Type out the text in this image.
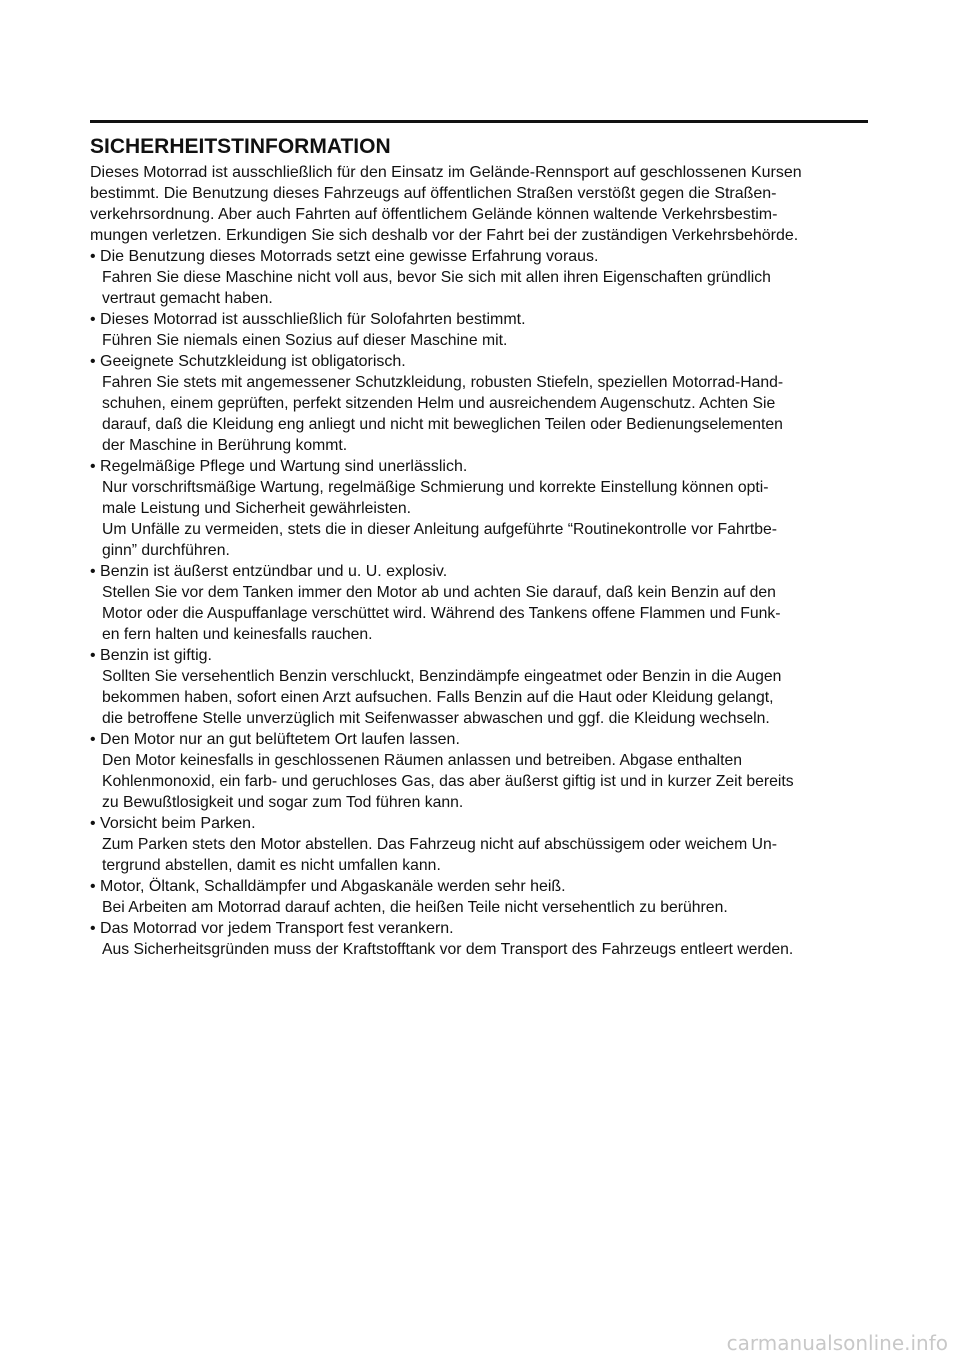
SICHERHEITSTINFORMATION
Dieses Motorrad ist ausschließlich für den Einsatz im Gelände-Rennsport auf geschlossenen Kursen
bestimmt. Die Benutzung dieses Fahrzeugs auf öffentlichen Straßen verstößt gegen die Straßen-
verkehrsordnung. Aber auch Fahrten auf öffentlichem Gelände können waltende Verkehrsbestim-
mungen verletzen. Erkundigen Sie sich deshalb vor der Fahrt bei der zuständigen Verkehrsbehörde.
• Die Benutzung dieses Motorrads setzt eine gewisse Erfahrung voraus.
Fahren Sie diese Maschine nicht voll aus, bevor Sie sich mit allen ihren Eigenschaften gründlich
vertraut gemacht haben.
• Dieses Motorrad ist ausschließlich für Solofahrten bestimmt.
Führen Sie niemals einen Sozius auf dieser Maschine mit.
• Geeignete Schutzkleidung ist obligatorisch.
Fahren Sie stets mit angemessener Schutzkleidung, robusten Stiefeln, speziellen Motorrad-Hand-
schuhen, einem geprüften, perfekt sitzenden Helm und ausreichendem Augenschutz. Achten Sie
darauf, daß die Kleidung eng anliegt und nicht mit beweglichen Teilen oder Bedienungselementen
der Maschine in Berührung kommt.
• Regelmäßige Pflege und Wartung sind unerlässlich.
Nur vorschriftsmäßige Wartung, regelmäßige Schmierung und korrekte Einstellung können opti-
male Leistung und Sicherheit gewährleisten.
Um Unfälle zu vermeiden, stets die in dieser Anleitung aufgeführte “Routinekontrolle vor Fahrtbe-
ginn” durchführen.
• Benzin ist äußerst entzündbar und u. U. explosiv.
Stellen Sie vor dem Tanken immer den Motor ab und achten Sie darauf, daß kein Benzin auf den
Motor oder die Auspuffanlage verschüttet wird. Während des Tankens offene Flammen und Funk-
en fern halten und keinesfalls rauchen.
• Benzin ist giftig.
Sollten Sie versehentlich Benzin verschluckt, Benzindämpfe eingeatmet oder Benzin in die Augen
bekommen haben, sofort einen Arzt aufsuchen. Falls Benzin auf die Haut oder Kleidung gelangt,
die betroffene Stelle unverzüglich mit Seifenwasser abwaschen und ggf. die Kleidung wechseln.
• Den Motor nur an gut belüftetem Ort laufen lassen.
Den Motor keinesfalls in geschlossenen Räumen anlassen und betreiben. Abgase enthalten
Kohlenmonoxid, ein farb- und geruchloses Gas, das aber äußerst giftig ist und in kurzer Zeit bereits
zu Bewußtlosigkeit und sogar zum Tod führen kann.
• Vorsicht beim Parken.
Zum Parken stets den Motor abstellen. Das Fahrzeug nicht auf abschüssigem oder weichem Un-
tergrund abstellen, damit es nicht umfallen kann.
• Motor, Öltank, Schalldämpfer und Abgaskanäle werden sehr heiß.
Bei Arbeiten am Motorrad darauf achten, die heißen Teile nicht versehentlich zu berühren.
• Das Motorrad vor jedem Transport fest verankern.
Aus Sicherheitsgründen muss der Kraftstofftank vor dem Transport des Fahrzeugs entleert werden.
carmanualsonline.info
